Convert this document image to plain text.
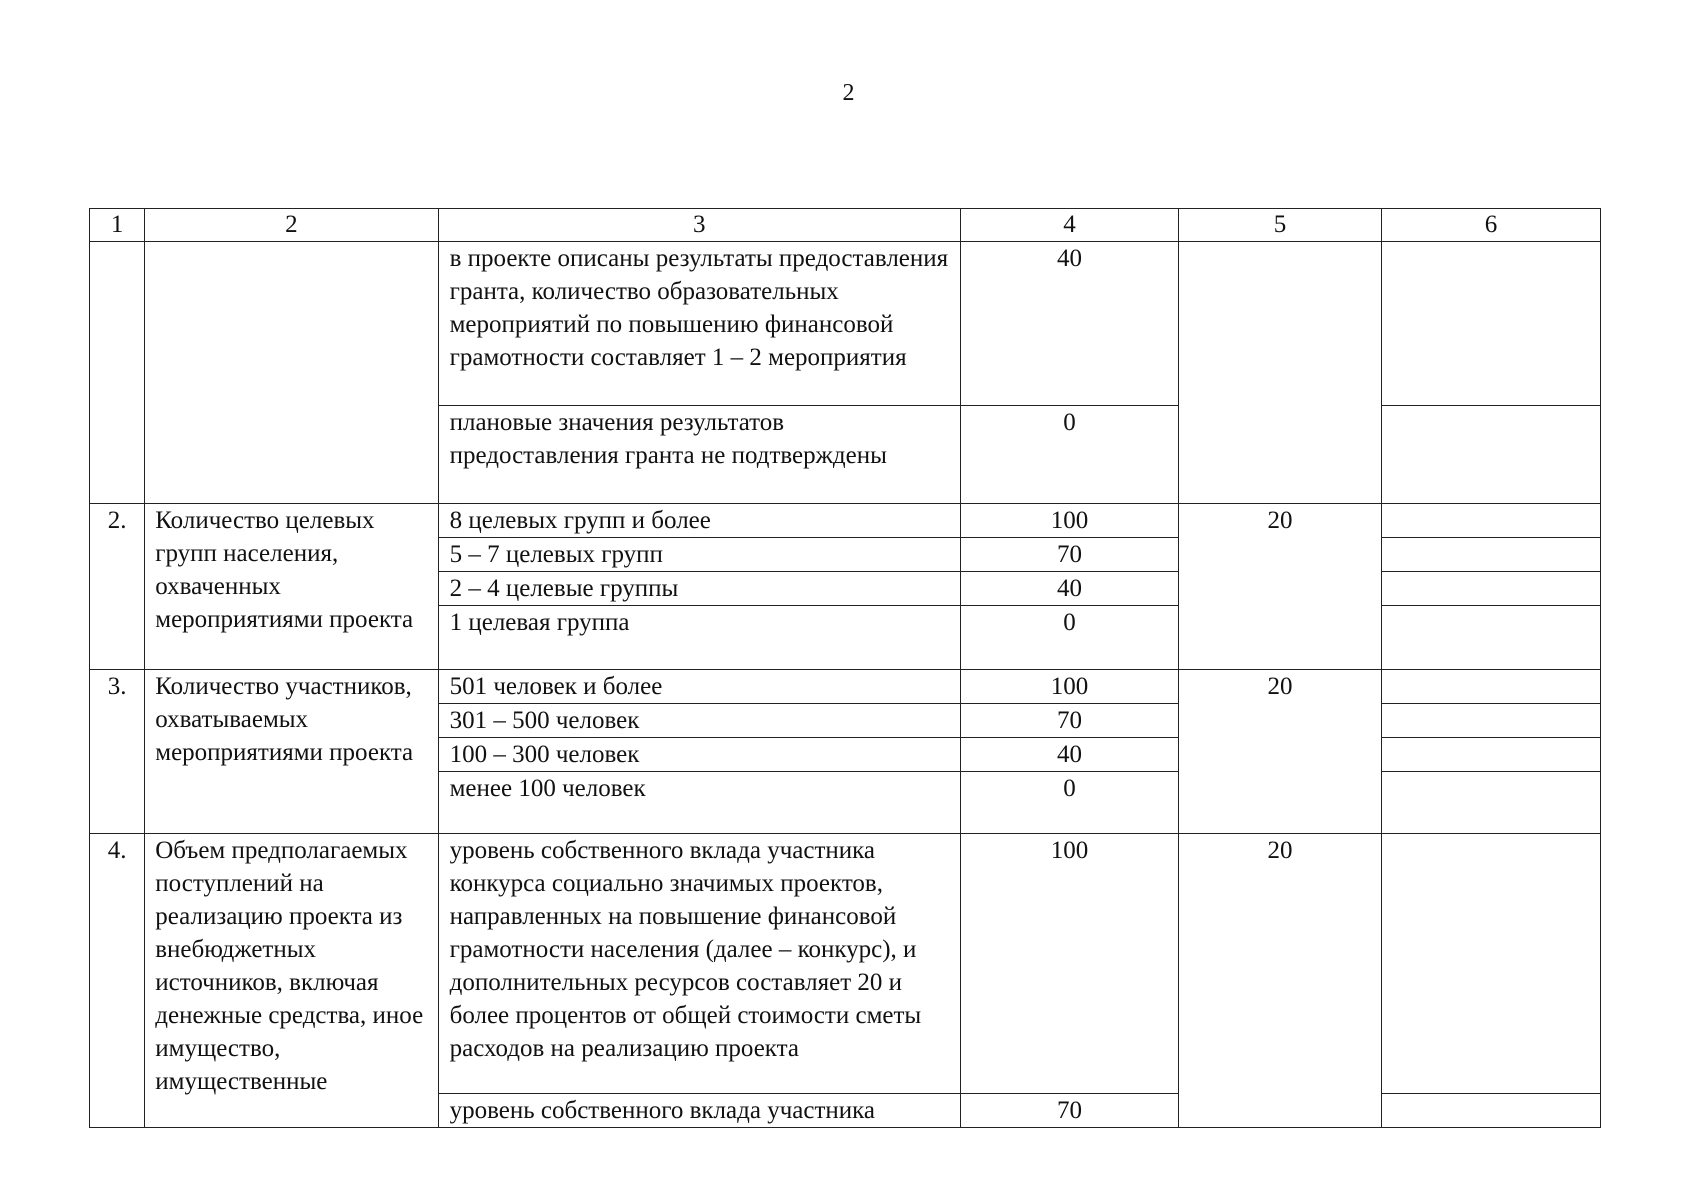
2
1	2	3	4	5	6
		в проекте описаны результаты предоставления гранта, количество образовательных мероприятий по повышению финансовой грамотности составляет 1 – 2 мероприятия	40		
		плановые значения результатов предоставления гранта не подтверждены	0		
2.	Количество целевых групп населения, охваченных мероприятиями проекта	8 целевых групп и более	100	20	
		5 – 7 целевых групп	70		
		2 – 4 целевые группы	40		
		1 целевая группа	0		
3.	Количество участников, охватываемых мероприятиями проекта	501 человек и более	100	20	
		301 – 500 человек	70		
		100 – 300 человек	40		
		менее 100 человек	0		
4.	Объем предполагаемых поступлений на реализацию проекта из внебюджетных источников, включая денежные средства, иное имущество, имущественные	уровень собственного вклада участника конкурса социально значимых проектов, направленных на повышение финансовой грамотности населения (далее – конкурс), и дополнительных ресурсов составляет 20 и более процентов от общей стоимости сметы расходов на реализацию проекта	100	20	
		уровень собственного вклада участника	70		
